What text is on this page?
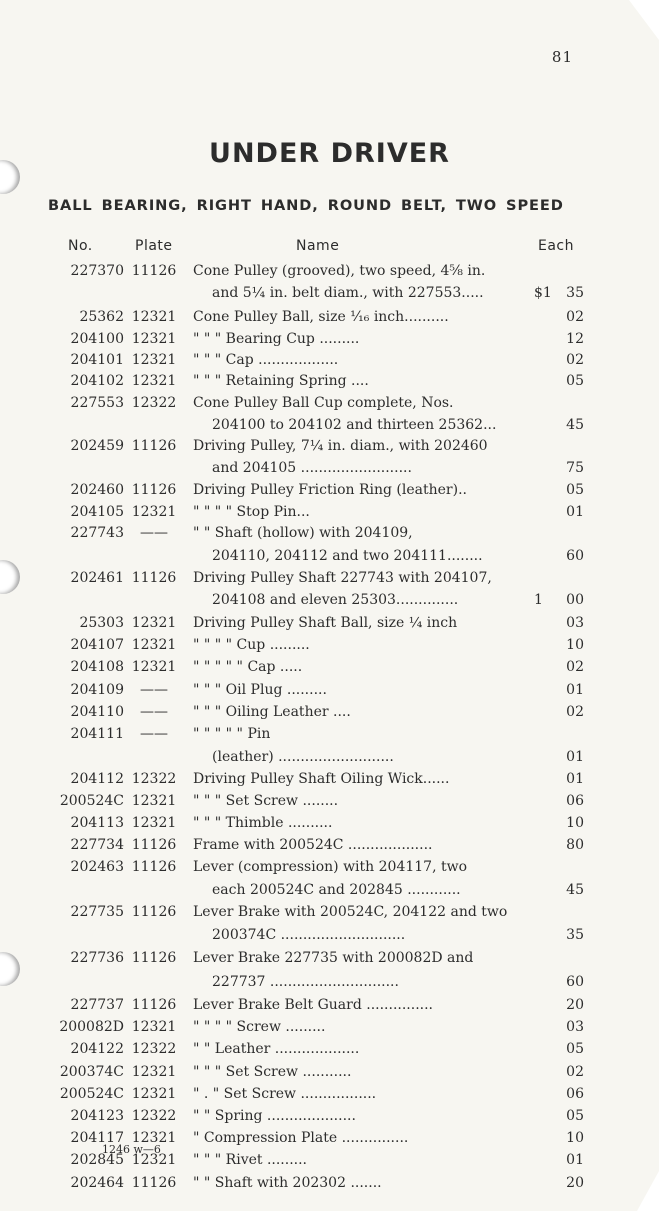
81
UNDER DRIVER
BALL BEARING, RIGHT HAND, ROUND BELT, TWO SPEED
No.	Plate	Name	Each
227370 11126 Cone Pulley (grooved), two speed, 4⅝ in.
and 5¼ in. belt diam., with 227553.....	$1	35
25362 12321 Cone Pulley Ball, size ⅟₁₆ inch..........	02
204100 12321 " " " Bearing Cup .........	12
204101 12321 " " " Cap ..................	02
204102 12321 " " " Retaining Spring ....	05
227553 12322 Cone Pulley Ball Cup complete, Nos.
204100 to 204102 and thirteen 25362...	45
202459 11126 Driving Pulley, 7¼ in. diam., with 202460
and 204105 .........................	75
202460 11126 Driving Pulley Friction Ring (leather)..	05
204105 12321 " " " " Stop Pin...	01
227743	——	" " Shaft (hollow) with 204109,
204110, 204112 and two 204111........	60
202461 11126 Driving Pulley Shaft 227743 with 204107,
204108 and eleven 25303..............	1	00
25303 12321 Driving Pulley Shaft Ball, size ¼ inch	03
204107 12321 " " " " Cup .........	10
204108 12321 " " " " " Cap .....	02
204109	——	" " " Oil Plug .........	01
204110	——	" " " Oiling Leather ....	02
204111	——	" " " " " Pin
(leather) ..........................	01
204112 12322 Driving Pulley Shaft Oiling Wick......	01
200524C 12321 " " " Set Screw ........	06
204113 12321 " " " Thimble ..........	10
227734 11126 Frame with 200524C ...................	80
202463 11126 Lever (compression) with 204117, two
each 200524C and 202845 ............	45
227735 11126 Lever Brake with 200524C, 204122 and two
200374C ............................	35
227736 11126 Lever Brake 227735 with 200082D and
227737 .............................	60
227737 11126 Lever Brake Belt Guard ...............	20
200082D 12321 " " " " Screw .........	03
204122 12322 " " Leather ...................	05
200374C 12321 " " " Set Screw ...........	02
200524C 12321 " . " Set Screw .................	06
204123 12322 " " Spring ....................	05
204117 12321 " Compression Plate ...............	10
202845 12321 " " " Rivet .........	01
202464 11126 " " Shaft with 202302 .......	20
1246 w—6
